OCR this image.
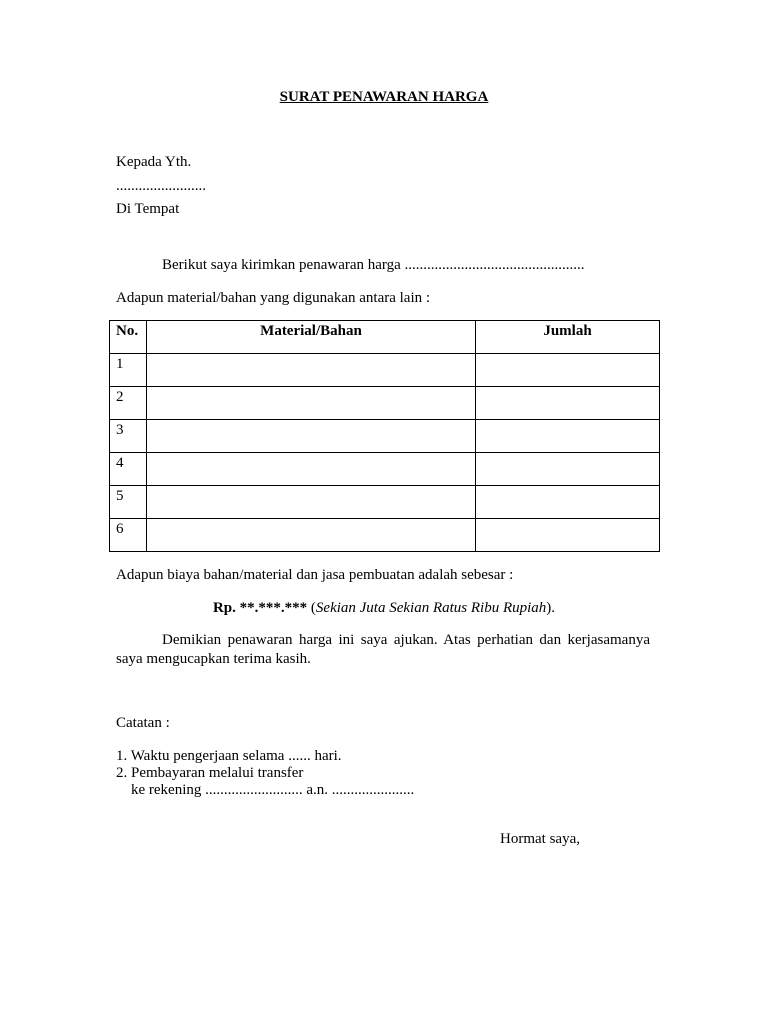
SURAT PENAWARAN HARGA
Kepada Yth.
........................
Di Tempat
Berikut saya kirimkan penawaran harga ................................................
Adapun material/bahan yang digunakan antara lain :
No.	Material/Bahan	Jumlah
1		
2		
3		
4		
5		
6		
Adapun biaya bahan/material dan jasa pembuatan adalah sebesar :
Rp. **.***.*** (Sekian Juta Sekian Ratus Ribu Rupiah).
Demikian penawaran harga ini saya ajukan. Atas perhatian dan kerjasamanya saya mengucapkan terima kasih.
Catatan :
1. Waktu pengerjaan selama ...... hari.
2. Pembayaran melalui transfer
ke rekening .......................... a.n. ......................
Hormat saya,
